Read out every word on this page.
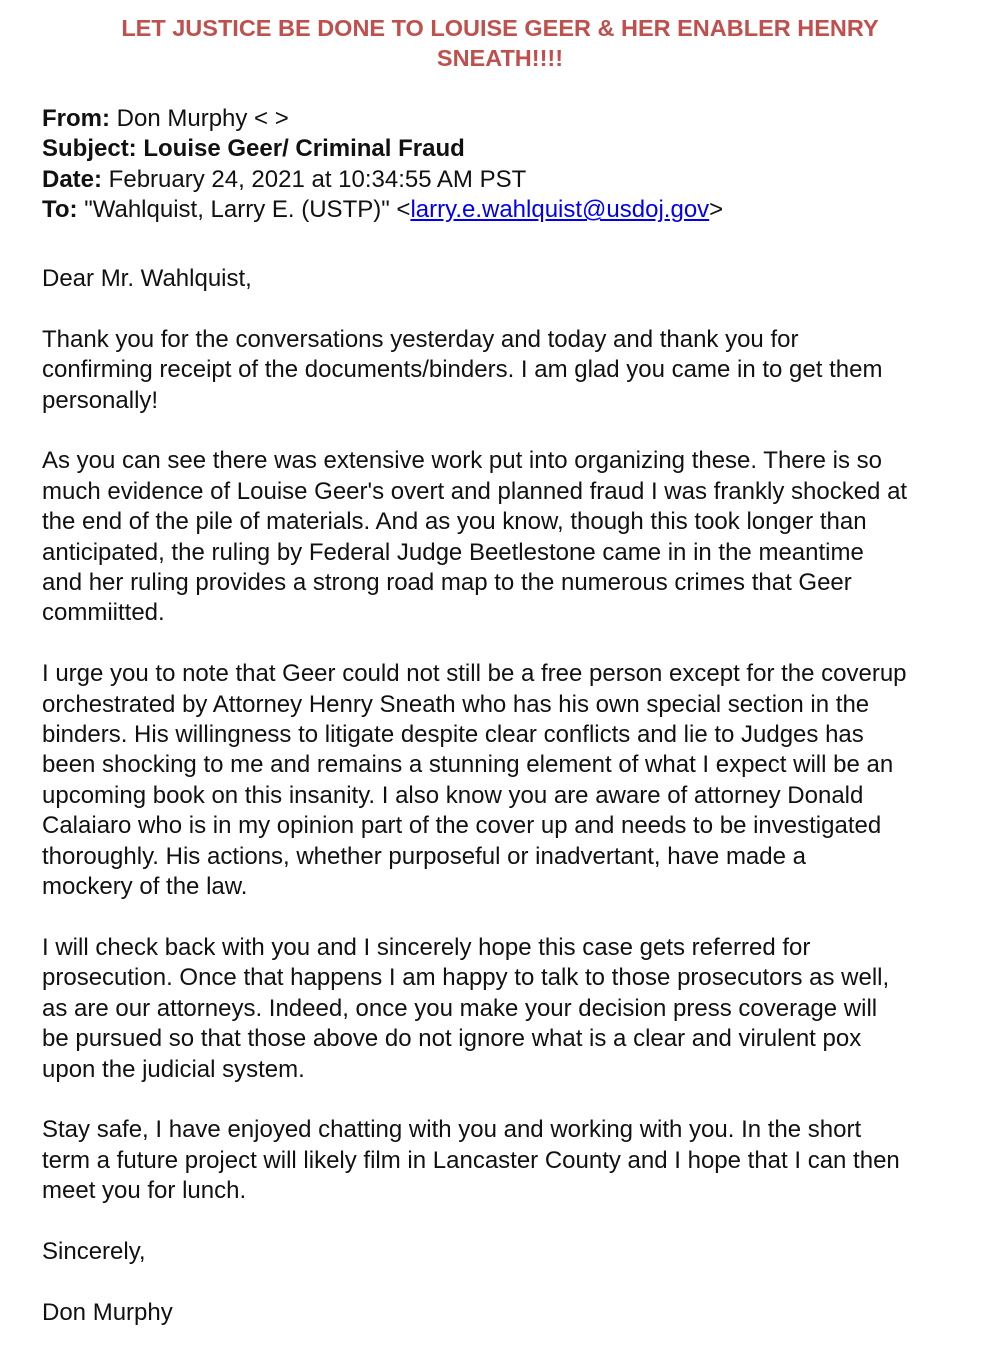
LET JUSTICE BE DONE TO LOUISE GEER & HER ENABLER HENRY
SNEATH!!!!
From: Don Murphy < >
Subject: Louise Geer/ Criminal Fraud
Date: February 24, 2021 at 10:34:55 AM PST
To: "Wahlquist, Larry E. (USTP)" <larry.e.wahlquist@usdoj.gov>

Dear Mr. Wahlquist,

Thank you for the conversations yesterday and today and thank you for
confirming receipt of the documents/binders. I am glad you came in to get them
personally!

As you can see there was extensive work put into organizing these. There is so
much evidence of Louise Geer's overt and planned fraud I was frankly shocked at
the end of the pile of materials. And as you know, though this took longer than
anticipated, the ruling by Federal Judge Beetlestone came in in the meantime
and her ruling provides a strong road map to the numerous crimes that Geer
commiitted.

I urge you to note that Geer could not still be a free person except for the coverup
orchestrated by Attorney Henry Sneath who has his own special section in the
binders. His willingness to litigate despite clear conflicts and lie to Judges has
been shocking to me and remains a stunning element of what I expect will be an
upcoming book on this insanity. I also know you are aware of attorney Donald
Calaiaro who is in my opinion part of the cover up and needs to be investigated
thoroughly. His actions, whether purposeful or inadvertant, have made a
mockery of the law.

I will check back with you and I sincerely hope this case gets referred for
prosecution. Once that happens I am happy to talk to those prosecutors as well,
as are our attorneys. Indeed, once you make your decision press coverage will
be pursued so that those above do not ignore what is a clear and virulent pox
upon the judicial system.

Stay safe, I have enjoyed chatting with you and working with you. In the short
term a future project will likely film in Lancaster County and I hope that I can then
meet you for lunch.

Sincerely,

Don Murphy
